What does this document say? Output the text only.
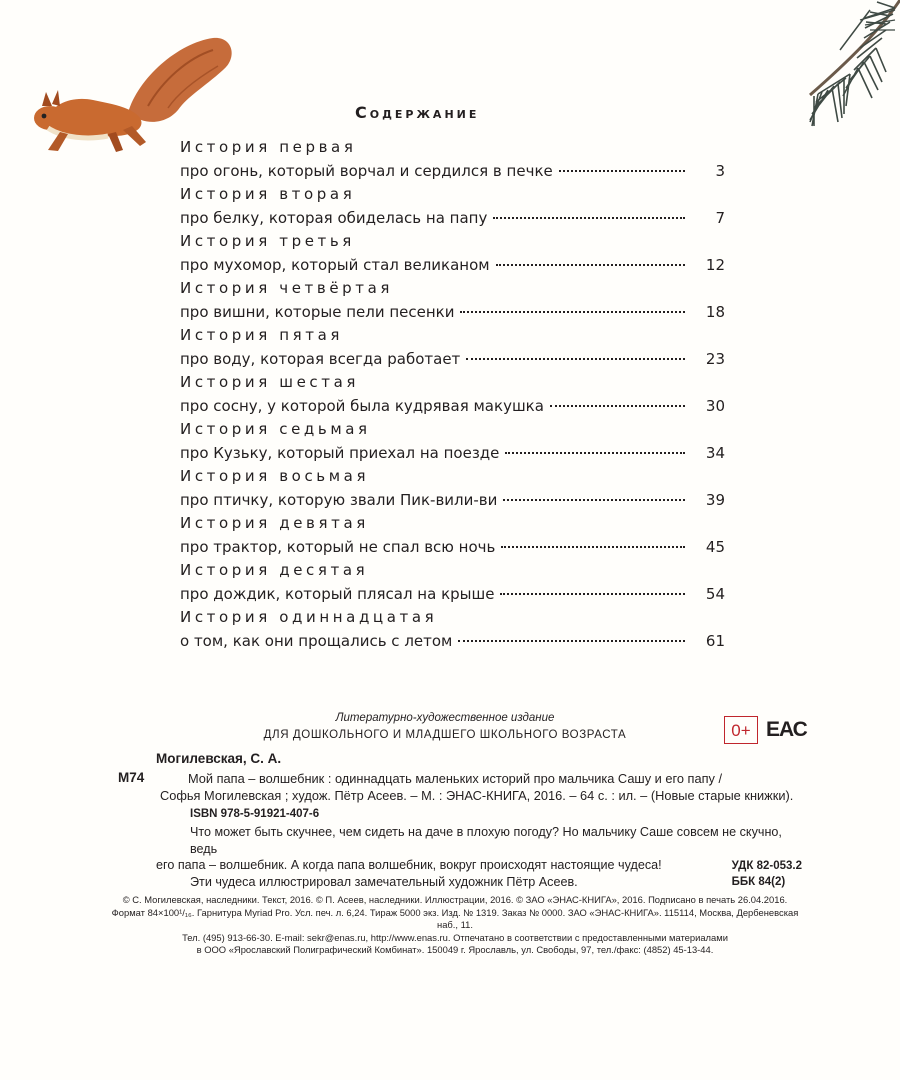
Содержание
История первая
про огонь, который ворчал и сердился в печке	3
История вторая
про белку, которая обиделась на папу	7
История третья
про мухомор, который стал великаном	12
История четвёртая
про вишни, которые пели песенки	18
История пятая
про воду, которая всегда работает	23
История шестая
про сосну, у которой была кудрявая макушка	30
История седьмая
про Кузьку, который приехал на поезде	34
История восьмая
про птичку, которую звали Пик-вили-ви	39
История девятая
про трактор, который не спал всю ночь	45
История десятая
про дождик, который плясал на крыше	54
История одиннадцатая
о том, как они прощались с летом	61
Литературно-художественное издание
ДЛЯ ДОШКОЛЬНОГО И МЛАДШЕГО ШКОЛЬНОГО ВОЗРАСТА	0+ ЕАС
Могилевская, С. А.
М74	Мой папа – волшебник : одиннадцать маленьких историй про мальчика Сашу и его папу /
Софья Могилевская ; худож. Пётр Асеев. – М. : ЭНАС-КНИГА, 2016. – 64 с. : ил. – (Новые старые книжки).
ISBN 978-5-91921-407-6
Что может быть скучнее, чем сидеть на даче в плохую погоду? Но мальчику Саше совсем не скучно, ведь
его папа – волшебник. А когда папа волшебник, вокруг происходят настоящие чудеса!
Эти чудеса иллюстрировал замечательный художник Пётр Асеев.
УДК 82-053.2
ББК 84(2)
© С. Могилевская, наследники. Текст, 2016. © П. Асеев, наследники. Иллюстрации, 2016. © ЗАО «ЭНАС-КНИГА», 2016. Подписано в печать 26.04.2016.
Формат 84×100¹/₁₆. Гарнитура Myriad Pro. Усл. печ. л. 6,24. Тираж 5000 экз. Изд. № 1319. Заказ № 0000. ЗАО «ЭНАС-КНИГА». 115114, Москва, Дербеневская наб., 11.
Тел. (495) 913-66-30. E-mail: sekr@enas.ru, http://www.enas.ru. Отпечатано в соответствии с предоставленными материалами
в ООО «Ярославский Полиграфический Комбинат». 150049 г. Ярославль, ул. Свободы, 97, тел./факс: (4852) 45-13-44.
